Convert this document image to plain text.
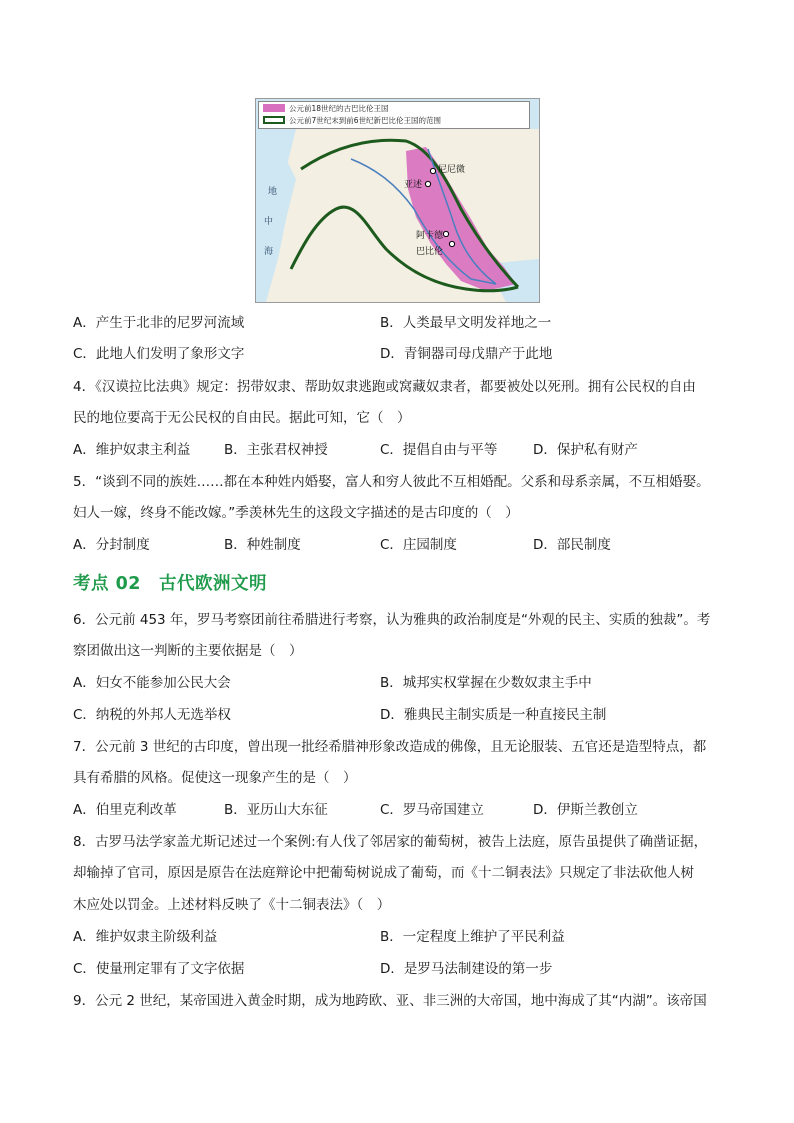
公元前18世纪的古巴比伦王国
公元前7世纪末到前6世纪新巴比伦王国的范围
尼尼微
亚述
阿卡德
巴比伦
地
中
海
A．产生于北非的尼罗河流域	B．人类最早文明发祥地之一
C．此地人们发明了象形文字	D．青铜器司母戊鼎产于此地
4．《汉谟拉比法典》规定：拐带奴隶、帮助奴隶逃跑或窝藏奴隶者，都要被处以死刑。拥有公民权的自由
民的地位要高于无公民权的自由民。据此可知，它（　）
A．维护奴隶主利益	B．主张君权神授	C．提倡自由与平等	D．保护私有财产
5．“谈到不同的族姓……都在本种姓内婚娶，富人和穷人彼此不互相婚配。父系和母系亲属，不互相婚娶。
妇人一嫁，终身不能改嫁。”季羡林先生的这段文字描述的是古印度的（　）
A．分封制度	B．种姓制度	C．庄园制度	D．部民制度
考点 02 古代欧洲文明
6．公元前 453 年，罗马考察团前往希腊进行考察，认为雅典的政治制度是“外观的民主、实质的独裁”。考
察团做出这一判断的主要依据是（　）
A．妇女不能参加公民大会	B．城邦实权掌握在少数奴隶主手中
C．纳税的外邦人无选举权	D．雅典民主制实质是一种直接民主制
7．公元前 3 世纪的古印度，曾出现一批经希腊神形象改造成的佛像，且无论服装、五官还是造型特点，都
具有希腊的风格。促使这一现象产生的是（　）
A．伯里克利改革	B．亚历山大东征	C．罗马帝国建立	D．伊斯兰教创立
8．古罗马法学家盖尤斯记述过一个案例:有人伐了邻居家的葡萄树，被告上法庭，原告虽提供了确凿证据，
却输掉了官司，原因是原告在法庭辩论中把葡萄树说成了葡萄，而《十二铜表法》只规定了非法砍他人树
木应处以罚金。上述材料反映了《十二铜表法》（　）
A．维护奴隶主阶级利益	B．一定程度上维护了平民利益
C．使量刑定罪有了文字依据	D．是罗马法制建设的第一步
9．公元 2 世纪，某帝国进入黄金时期，成为地跨欧、亚、非三洲的大帝国，地中海成了其“内湖”。该帝国
